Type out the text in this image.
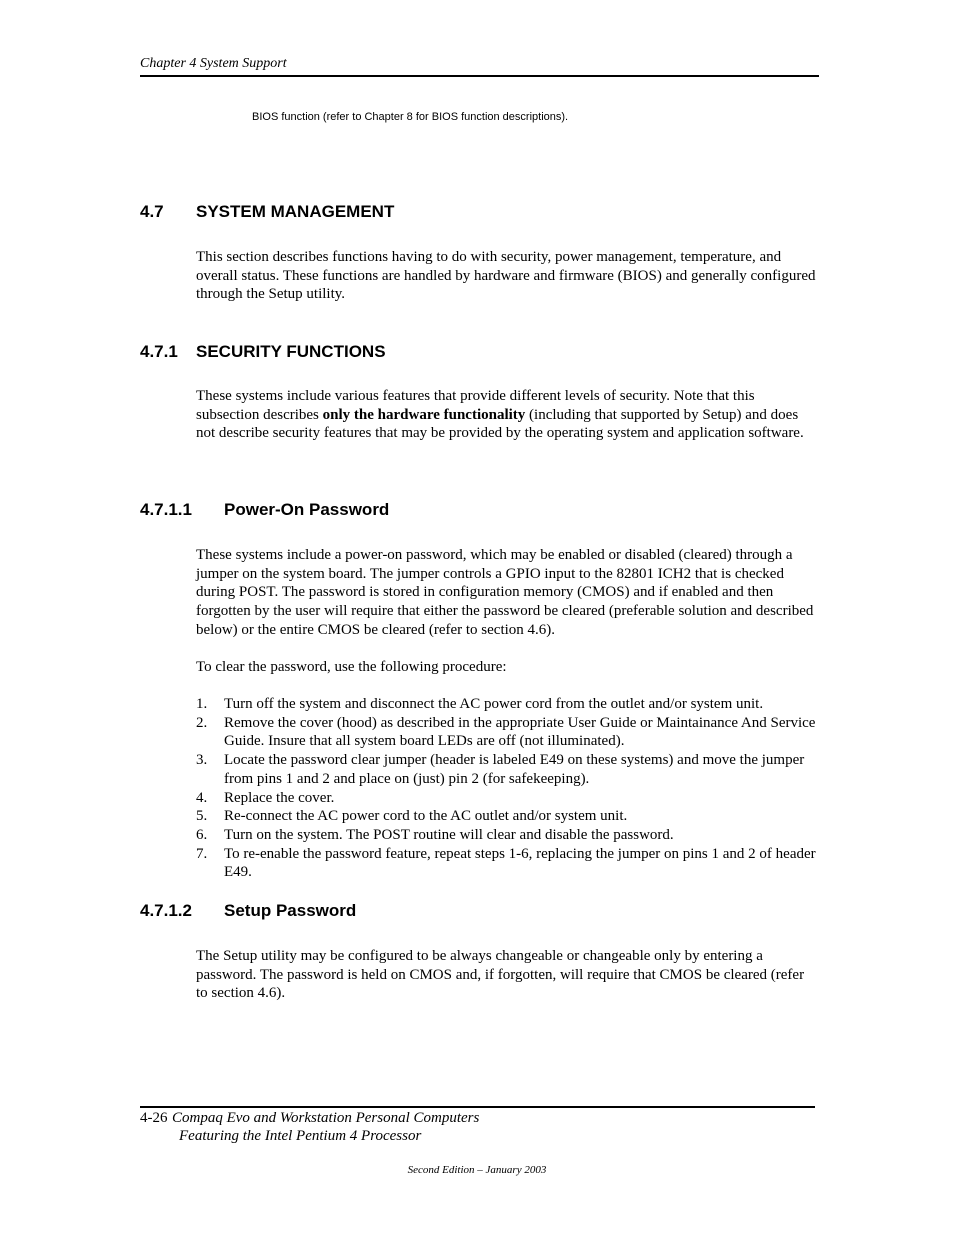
Chapter 4 System Support
BIOS function (refer to Chapter 8 for BIOS function descriptions).
4.7 SYSTEM MANAGEMENT

This section describes functions having to do with security, power management, temperature, and overall status. These functions are handled by hardware and firmware (BIOS) and generally configured through the Setup utility.

4.7.1 SECURITY FUNCTIONS

These systems include various features that provide different levels of security. Note that this subsection describes only the hardware functionality (including that supported by Setup) and does not describe security features that may be provided by the operating system and application software.

4.7.1.1 Power-On Password

These systems include a power-on password, which may be enabled or disabled (cleared) through a jumper on the system board. The jumper controls a GPIO input to the 82801 ICH2 that is checked during POST. The password is stored in configuration memory (CMOS) and if enabled and then forgotten by the user will require that either the password be cleared (preferable solution and described below) or the entire CMOS be cleared (refer to section 4.6).

To clear the password, use the following procedure:

1. Turn off the system and disconnect the AC power cord from the outlet and/or system unit.
2. Remove the cover (hood) as described in the appropriate User Guide or Maintainance And Service Guide. Insure that all system board LEDs are off (not illuminated).
3. Locate the password clear jumper (header is labeled E49 on these systems) and move the jumper from pins 1 and 2 and place on (just) pin 2 (for safekeeping).
4. Replace the cover.
5. Re-connect the AC power cord to the AC outlet and/or system unit.
6. Turn on the system. The POST routine will clear and disable the password.
7. To re-enable the password feature, repeat steps 1-6, replacing the jumper on pins 1 and 2 of header E49.
4.7.1.2 Setup Password

The Setup utility may be configured to be always changeable or changeable only by entering a password. The password is held on CMOS and, if forgotten, will require that CMOS be cleared (refer to section 4.6).

4-26 Compaq Evo and Workstation Personal Computers
Featuring the Intel Pentium 4 Processor
Second Edition – January 2003
